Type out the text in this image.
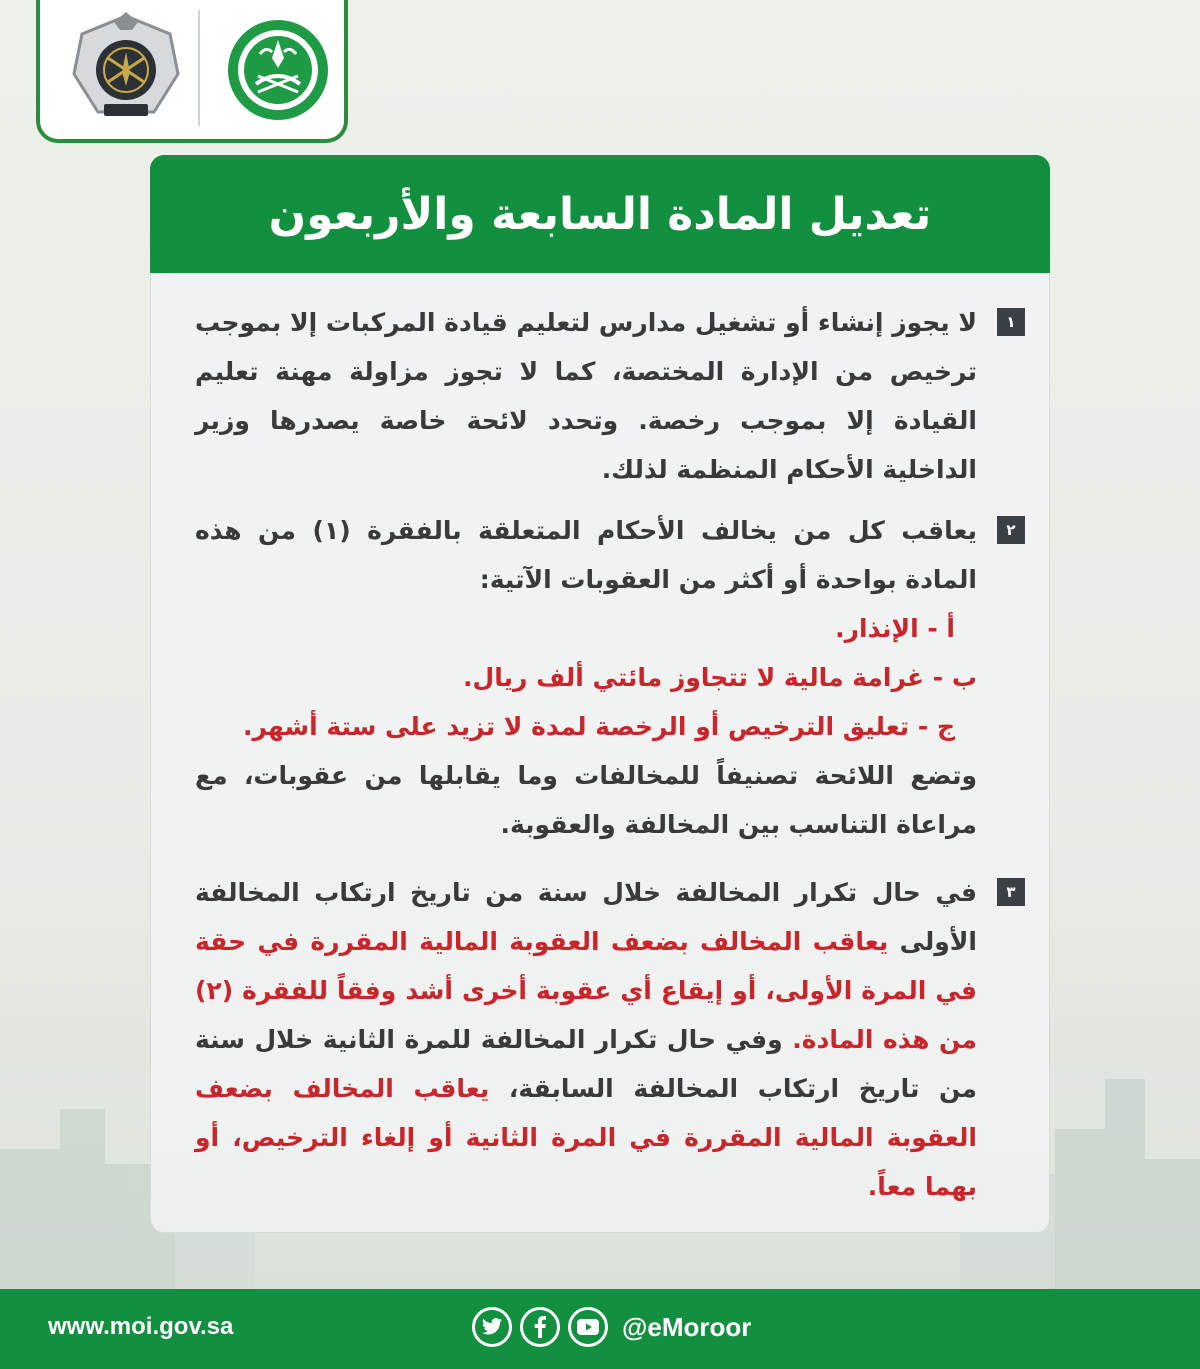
تعديل المادة السابعة والأربعون
١
لا يجوز إنشاء أو تشغيل مدارس لتعليم قيادة المركبات إلا بموجب ترخيص من الإدارة المختصة، كما لا تجوز مزاولة مهنة تعليم القيادة إلا بموجب رخصة. وتحدد لائحة خاصة يصدرها وزير الداخلية الأحكام المنظمة لذلك.
٢
يعاقب كل من يخالف الأحكام المتعلقة بالفقرة (١) من هذه المادة بواحدة أو أكثر من العقوبات الآتية:
أ - الإنذار.
ب - غرامة مالية لا تتجاوز مائتي ألف ريال.
ج - تعليق الترخيص أو الرخصة لمدة لا تزيد على ستة أشهر.
وتضع اللائحة تصنيفاً للمخالفات وما يقابلها من عقوبات، مع مراعاة التناسب بين المخالفة والعقوبة.
٣
في حال تكرار المخالفة خلال سنة من تاريخ ارتكاب المخالفة الأولى يعاقب المخالف بضعف العقوبة المالية المقررة في حقة في المرة الأولى، أو إيقاع أي عقوبة أخرى أشد وفقاً للفقرة (٢) من هذه المادة. وفي حال تكرار المخالفة للمرة الثانية خلال سنة من تاريخ ارتكاب المخالفة السابقة، يعاقب المخالف بضعف العقوبة المالية المقررة في المرة الثانية أو إلغاء الترخيص، أو بهما معاً.
www.moi.gov.sa	@eMoroor
